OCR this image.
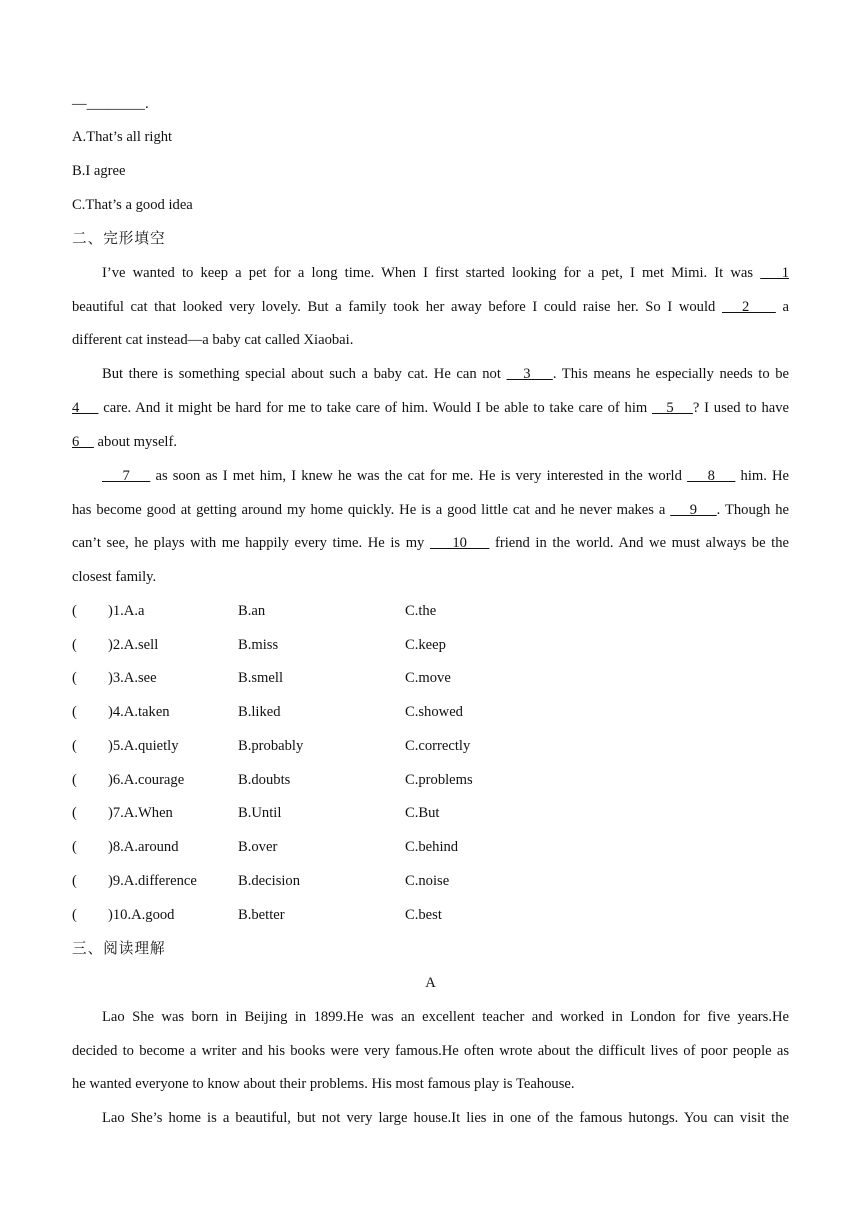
—________.
A.That’s all right
B.I agree
C.That’s a good idea
二、完形填空
I’ve wanted to keep a pet for a long time. When I first started looking for a pet, I met Mimi. It was    1
beautiful cat that looked very lovely. But a family took her away before I could raise her. So I would    2     a
different cat instead—a baby cat called Xiaobai.
But there is something special about such a baby cat. He can not    3    . This means he especially needs to be
4     care. And it might be hard for me to take care of him. Would I be able to take care of him    5    ? I used to have
6     about myself.
7     as soon as I met him, I knew he was the cat for me. He is very interested in the world     8     him. He
has become good at getting around my home quickly. He is a good little cat and he never makes a     9    . Though he
can’t see, he plays with me happily every time. He is my     10     friend in the world. And we must always be the
closest family.
( )1.A.a	B.an	C.the
( )2.A.sell	B.miss	C.keep
( )3.A.see	B.smell	C.move
( )4.A.taken	B.liked	C.showed
( )5.A.quietly	B.probably	C.correctly
( )6.A.courage	B.doubts	C.problems
( )7.A.When	B.Until	C.But
( )8.A.around	B.over	C.behind
( )9.A.difference	B.decision	C.noise
( )10.A.good	B.better	C.best
三、阅读理解
A
Lao She was born in Beijing in 1899.He was an excellent teacher and worked in London for five years.He
decided to become a writer and his books were very famous.He often wrote about the difficult lives of poor people as
he wanted everyone to know about their problems. His most famous play is Teahouse.
Lao She’s home is a beautiful, but not very large house.It lies in one of the famous hutongs. You can visit the
